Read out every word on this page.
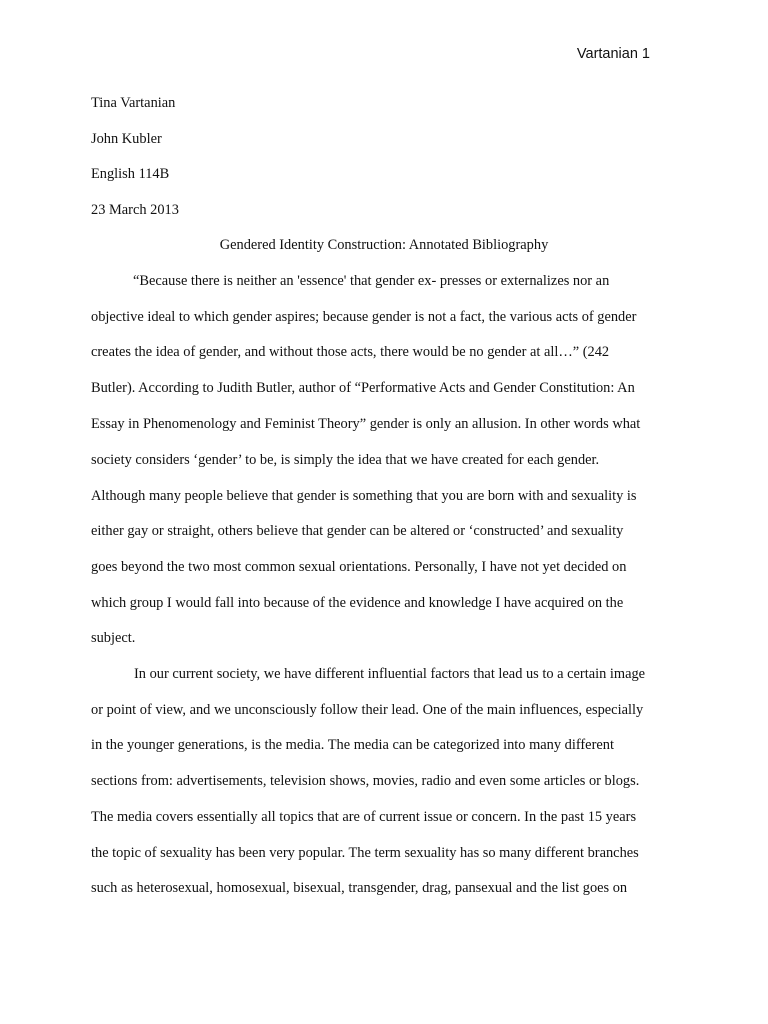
Vartanian 1
Tina Vartanian
John Kubler
English 114B
23 March 2013
Gendered Identity Construction: Annotated Bibliography
“Because there is neither an 'essence' that gender ex- presses or externalizes nor an
objective ideal to which gender aspires; because gender is not a fact, the various acts of gender
creates the idea of gender, and without those acts, there would be no gender at all…” (242
Butler). According to Judith Butler, author of “Performative Acts and Gender Constitution: An
Essay in Phenomenology and Feminist Theory” gender is only an allusion. In other words what
society considers ‘gender’ to be, is simply the idea that we have created for each gender.
Although many people believe that gender is something that you are born with and sexuality is
either gay or straight, others believe that gender can be altered or ‘constructed’ and sexuality
goes beyond the two most common sexual orientations. Personally, I have not yet decided on
which group I would fall into because of the evidence and knowledge I have acquired on the
subject.
In our current society, we have different influential factors that lead us to a certain image
or point of view, and we unconsciously follow their lead. One of the main influences, especially
in the younger generations, is the media. The media can be categorized into many different
sections from: advertisements, television shows, movies, radio and even some articles or blogs.
The media covers essentially all topics that are of current issue or concern. In the past 15 years
the topic of sexuality has been very popular. The term sexuality has so many different branches
such as heterosexual, homosexual, bisexual, transgender, drag, pansexual and the list goes on
